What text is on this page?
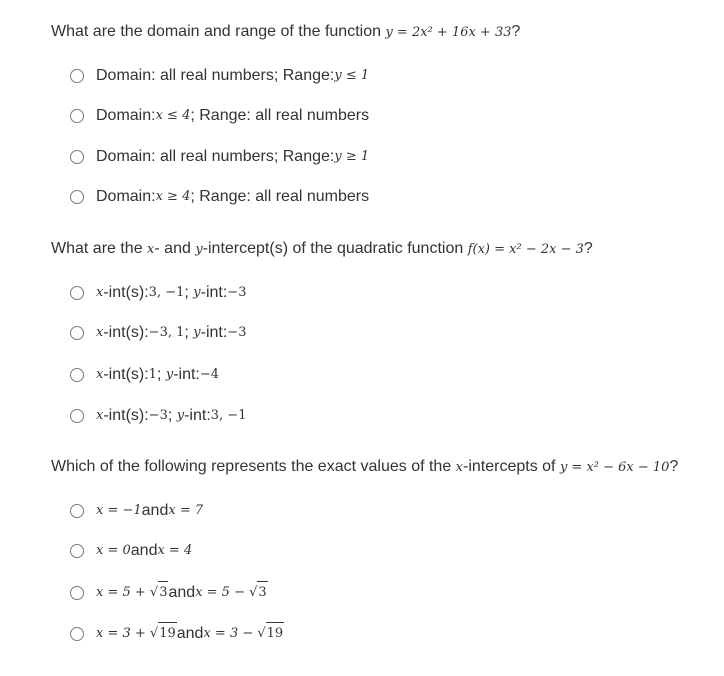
What are the domain and range of the function y = 2x² + 16x + 33?
Domain: all real numbers; Range: y ≤ 1
Domain: x ≤ 4 ; Range: all real numbers
Domain: all real numbers; Range: y ≥ 1
Domain: x ≥ 4 ; Range: all real numbers
What are the x- and y-intercept(s) of the quadratic function f(x) = x² − 2x − 3?
x -int(s): 3, −1 ; y -int: −3
x -int(s): −3, 1 ; y -int: −3
x -int(s): 1 ; y -int: −4
x -int(s): −3 ; y -int: 3, −1
Which of the following represents the exact values of the x-intercepts of y = x² − 6x − 10?
x = −1 and x = 7
x = 0 and x = 4
x = 5 + √ 3 and x = 5 − √ 3
x = 3 + √ 19 and x = 3 − √ 19
